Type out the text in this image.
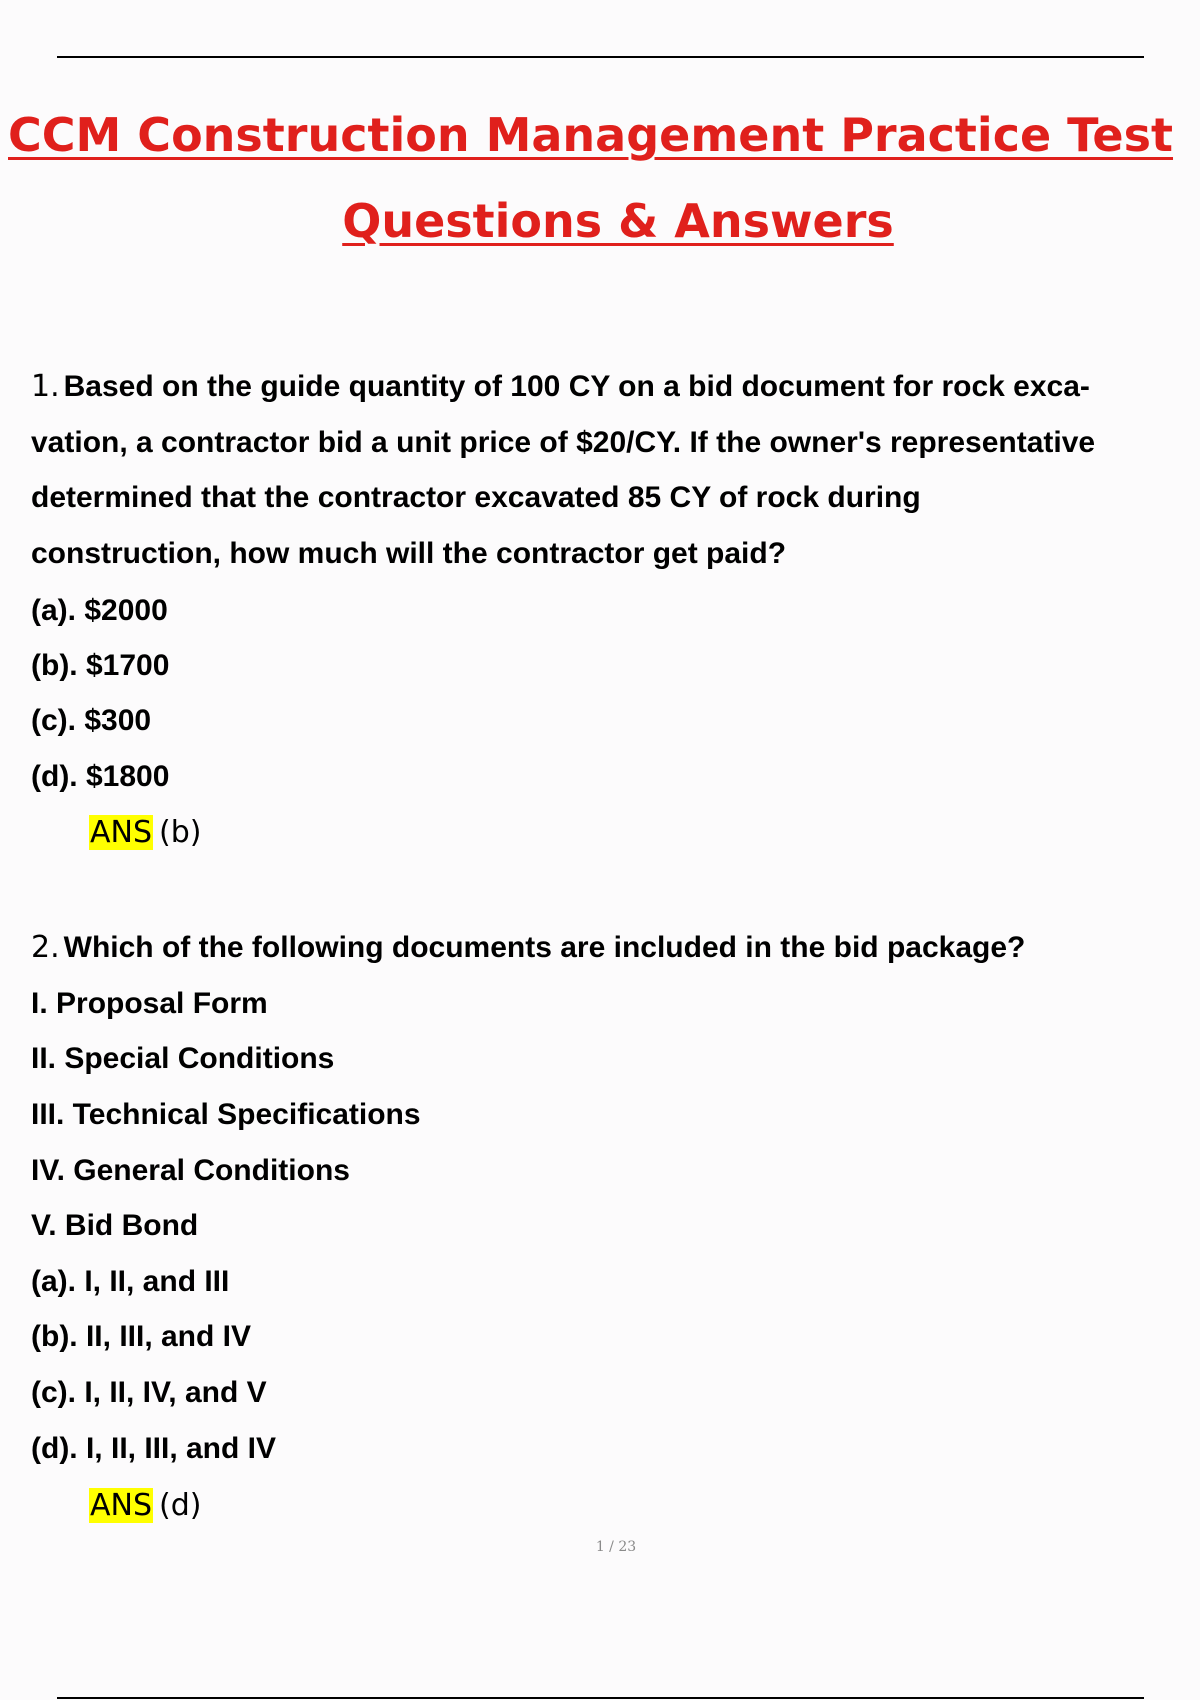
CCM Construction Management Practice Test
Questions & Answers
1. Based on the guide quantity of 100 CY on a bid document for rock exca-
vation, a contractor bid a unit price of $20/CY. If the owner's representative
determined that the contractor excavated 85 CY of rock during
construction, how much will the contractor get paid?
(a). $2000
(b). $1700
(c). $300
(d). $1800
ANS (b)
2. Which of the following documents are included in the bid package?
I. Proposal Form
II. Special Conditions
III. Technical Specifications
IV. General Conditions
V. Bid Bond
(a). I, II, and III
(b). II, III, and IV
(c). I, II, IV, and V
(d). I, II, III, and IV
ANS (d)
1 / 23
